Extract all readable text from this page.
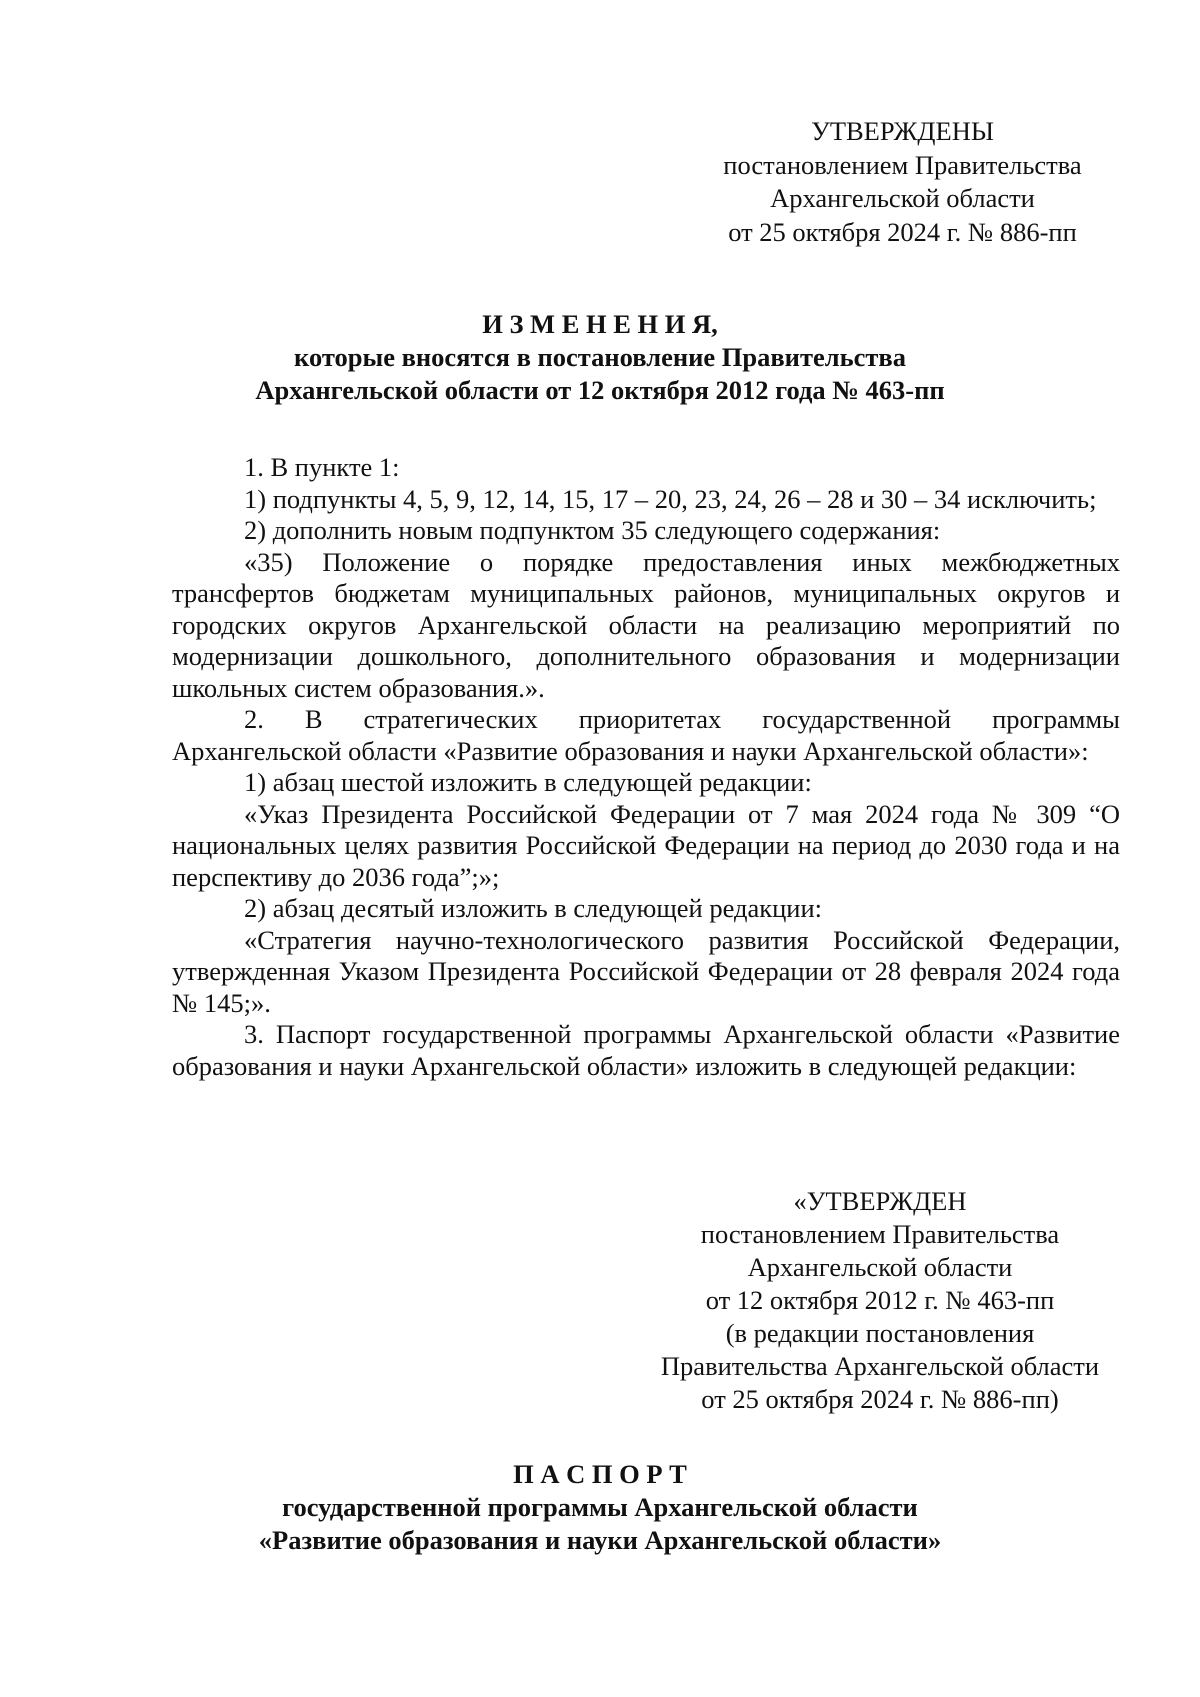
УТВЕРЖДЕНЫ
постановлением Правительства
Архангельской области
от 25 октября 2024 г. № 886-пп
И З М Е Н Е Н И Я,
которые вносятся в постановление Правительства
Архангельской области от 12 октября 2012 года № 463-пп

1. В пункте 1:

1) подпункты 4, 5, 9, 12, 14, 15, 17 – 20, 23, 24, 26 – 28 и 30 – 34 исключить;

2) дополнить новым подпунктом 35 следующего содержания:

«35) Положение о порядке предоставления иных межбюджетных трансфертов бюджетам муниципальных районов, муниципальных округов и городских округов Архангельской области на реализацию мероприятий по модернизации дошкольного, дополнительного образования и модернизации школьных систем образования.».

2. В стратегических приоритетах государственной программы Архангельской области «Развитие образования и науки Архангельской области»:

1) абзац шестой изложить в следующей редакции:

«Указ Президента Российской Федерации от 7 мая 2024 года № 309 “О национальных целях развития Российской Федерации на период до 2030 года и на перспективу до 2036 года”;»;

2) абзац десятый изложить в следующей редакции:

«Стратегия научно-технологического развития Российской Федерации, утвержденная Указом Президента Российской Федерации от 28 февраля 2024 года № 145;».

3. Паспорт государственной программы Архангельской области «Развитие образования и науки Архангельской области» изложить в следующей редакции:

«УТВЕРЖДЕН
постановлением Правительства
Архангельской области
от 12 октября 2012 г. № 463-пп
(в редакции постановления
Правительства Архангельской области
от 25 октября 2024 г. № 886-пп)
П А С П О Р Т
государственной программы Архангельской области
«Развитие образования и науки Архангельской области»
